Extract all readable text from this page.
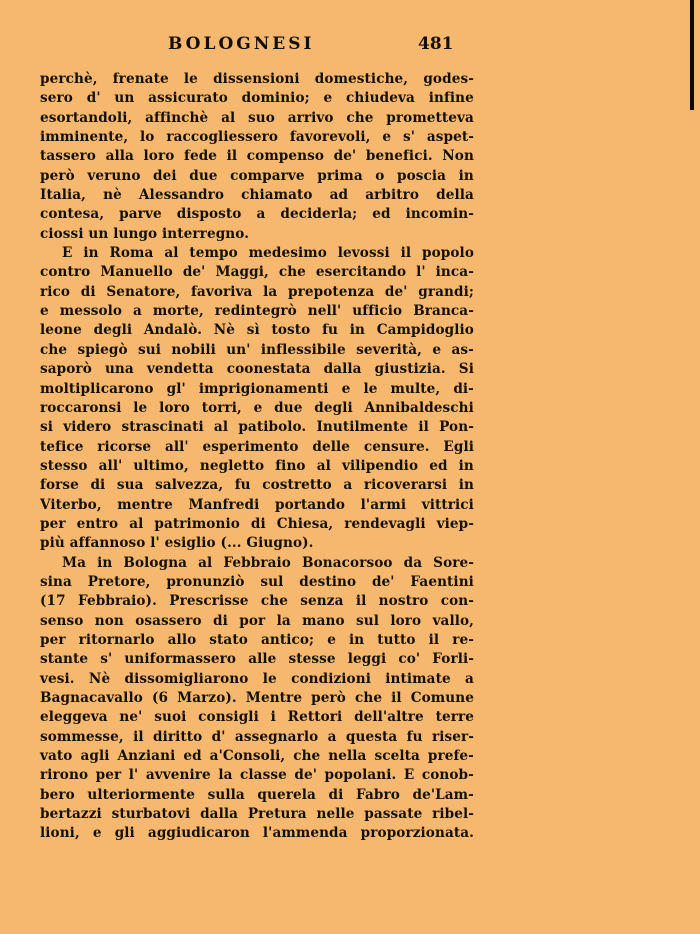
BOLOGNESI	481
perchè, frenate le dissensioni domestiche, godes-
sero d' un assicurato dominio; e chiudeva infine
esortandoli, affinchè al suo arrivo che prometteva
imminente, lo raccogliessero favorevoli, e s' aspet-
tassero alla loro fede il compenso de' benefici. Non
però veruno dei due comparve prima o poscia in
Italia, nè Alessandro chiamato ad arbitro della
contesa, parve disposto a deciderla; ed incomin-
ciossi un lungo interregno.
E in Roma al tempo medesimo levossi il popolo
contro Manuello de' Maggi, che esercitando l' inca-
rico di Senatore, favoriva la prepotenza de' grandi;
e messolo a morte, redintegrò nell' ufficio Branca-
leone degli Andalò. Nè sì tosto fu in Campidoglio
che spiegò sui nobili un' inflessibile severità, e as-
saporò una vendetta coonestata dalla giustizia. Si
moltiplicarono gl' imprigionamenti e le multe, di-
roccaronsi le loro torri, e due degli Annibaldeschi
si videro strascinati al patibolo. Inutilmente il Pon-
tefice ricorse all' esperimento delle censure. Egli
stesso all' ultimo, negletto fino al vilipendio ed in
forse di sua salvezza, fu costretto a ricoverarsi in
Viterbo, mentre Manfredi portando l'armi vittrici
per entro al patrimonio di Chiesa, rendevagli viep-
più affannoso l' esiglio (... Giugno).
Ma in Bologna al Febbraio Bonacorsoo da Sore-
sina Pretore, pronunziò sul destino de' Faentini
(17 Febbraio). Prescrisse che senza il nostro con-
senso non osassero di por la mano sul loro vallo,
per ritornarlo allo stato antico; e in tutto il re-
stante s' uniformassero alle stesse leggi co' Forli-
vesi. Nè dissomigliarono le condizioni intimate a
Bagnacavallo (6 Marzo). Mentre però che il Comune
eleggeva ne' suoi consigli i Rettori dell'altre terre
sommesse, il diritto d' assegnarlo a questa fu riser-
vato agli Anziani ed a'Consoli, che nella scelta prefe-
rirono per l' avvenire la classe de' popolani. E conob-
bero ulteriormente sulla querela di Fabro de'Lam-
bertazzi sturbatovi dalla Pretura nelle passate ribel-
lioni, e gli aggiudicaron l'ammenda proporzionata.
